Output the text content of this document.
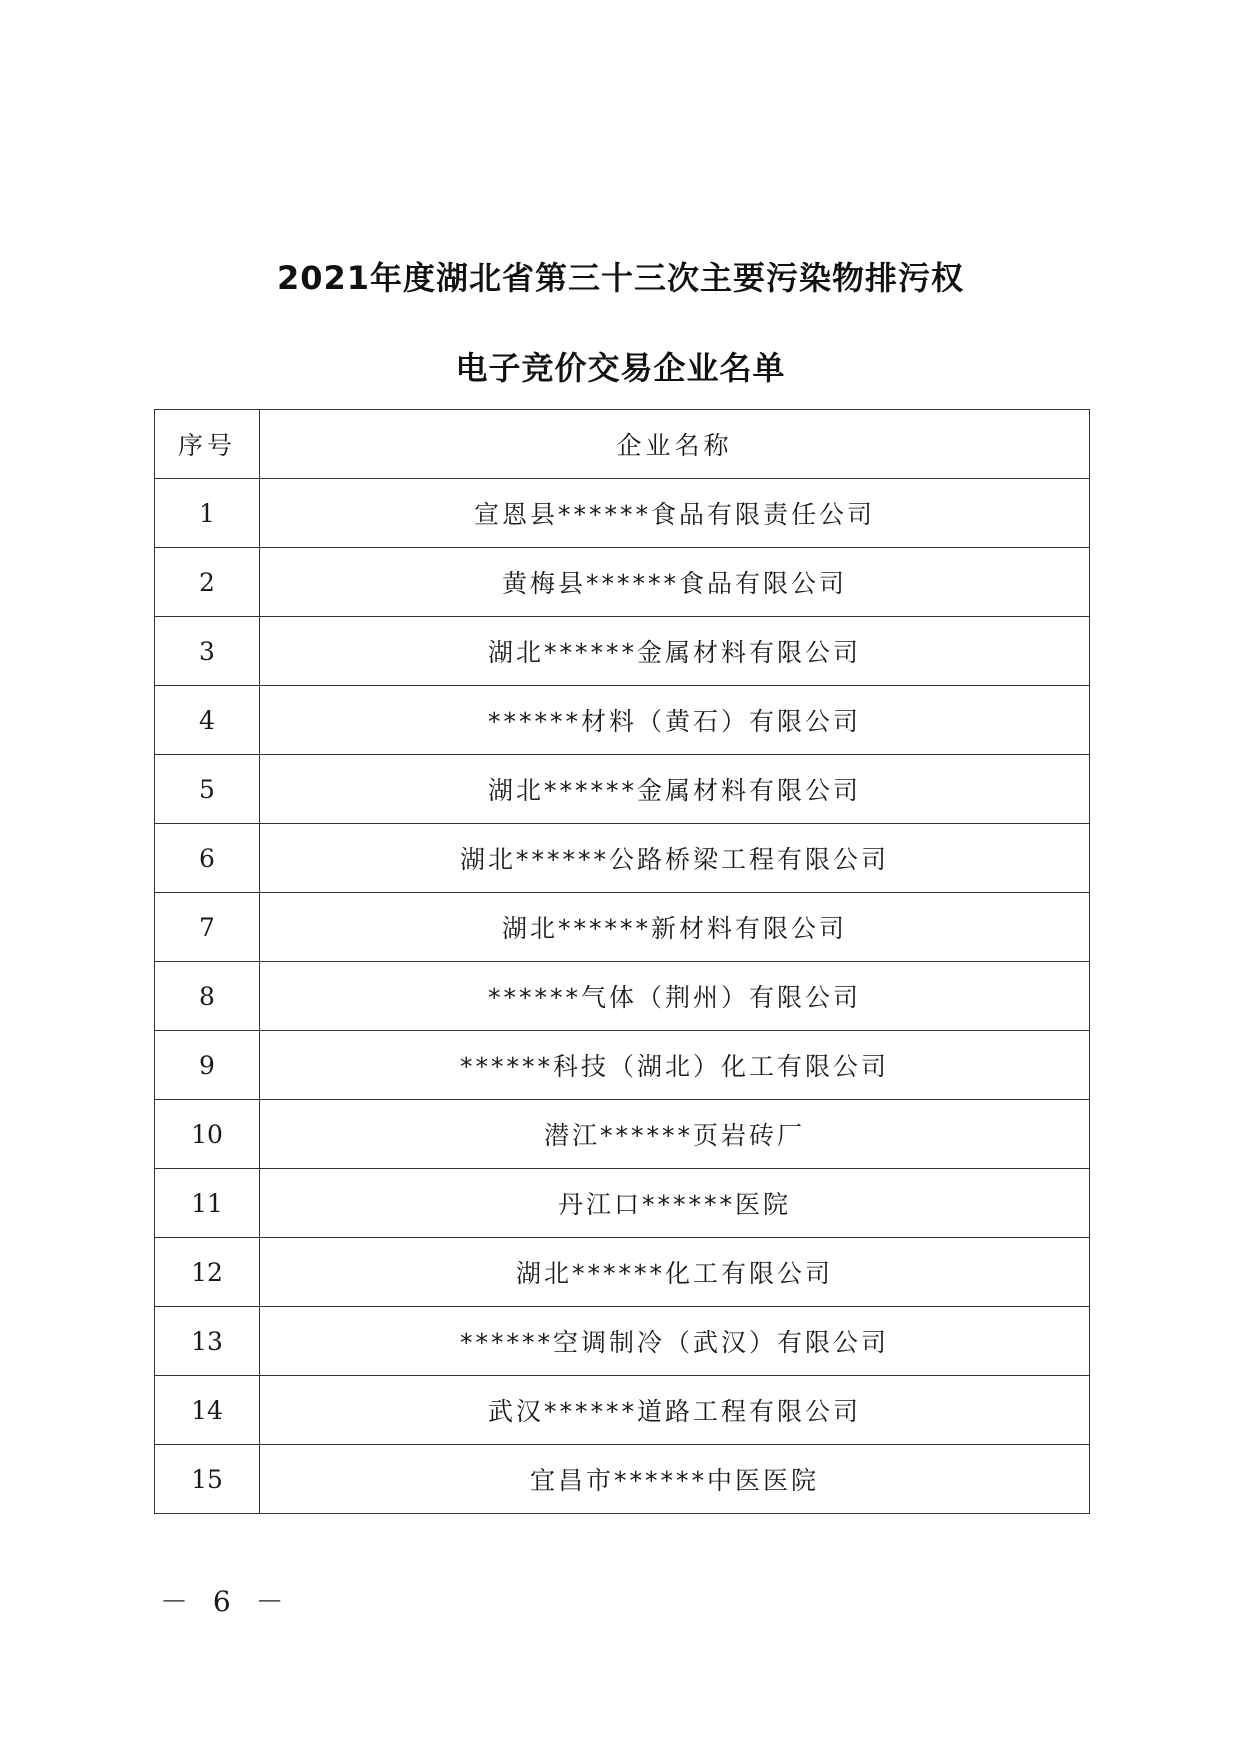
2021年度湖北省第三十三次主要污染物排污权
电子竞价交易企业名单
序号	企业名称
1	宣恩县******食品有限责任公司
2	黄梅县******食品有限公司
3	湖北******金属材料有限公司
4	******材料（黄石）有限公司
5	湖北******金属材料有限公司
6	湖北******公路桥梁工程有限公司
7	湖北******新材料有限公司
8	******气体（荆州）有限公司
9	******科技（湖北）化工有限公司
10	潜江******页岩砖厂
11	丹江口******医院
12	湖北******化工有限公司
13	******空调制冷（武汉）有限公司
14	武汉******道路工程有限公司
15	宜昌市******中医医院
－ 6 －
